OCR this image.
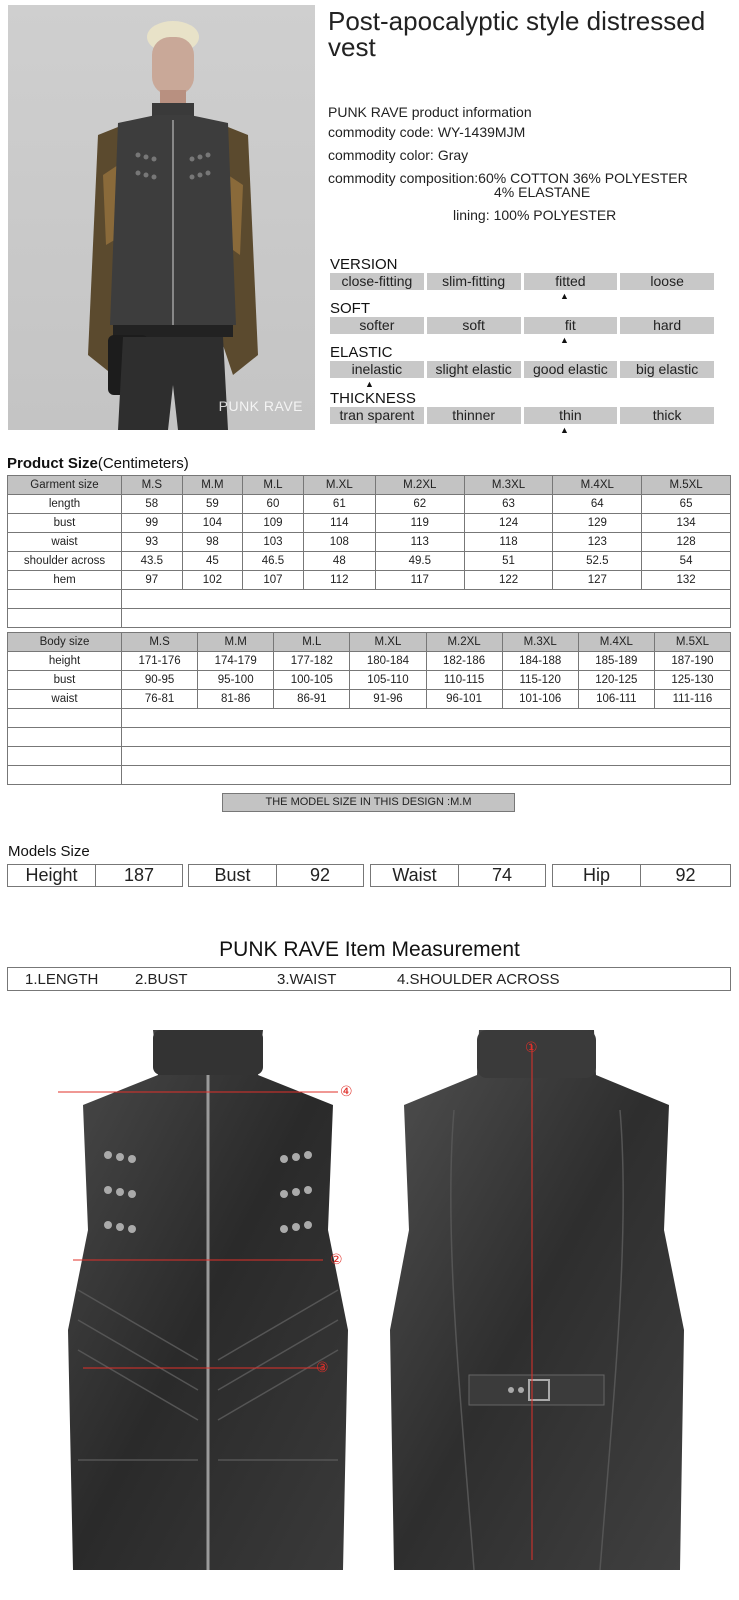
PUNK RAVE
Post-apocalyptic style distressed vest
PUNK RAVE product information
commodity code: WY-1439MJM
commodity color: Gray
commodity composition:60% COTTON 36% POLYESTER
4% ELASTANE
lining: 100% POLYESTER
VERSION
close-fitting	slim-fitting	fitted	loose
▲
SOFT
softer	soft	fit	hard
▲
ELASTIC
inelastic	slight elastic	good elastic	big elastic
▲
THICKNESS
tran sparent	thinner	thin	thick
▲
Product Size(Centimeters)
Garment size	M.S	M.M	M.L	M.XL	M.2XL	M.3XL	M.4XL	M.5XL
length	58	59	60	61	62	63	64	65
bust	99	104	109	114	119	124	129	134
waist	93	98	103	108	113	118	123	128
shoulder across	43.5	45	46.5	48	49.5	51	52.5	54
hem	97	102	107	112	117	122	127	132

Body size	M.S	M.M	M.L	M.XL	M.2XL	M.3XL	M.4XL	M.5XL
height	171-176	174-179	177-182	180-184	182-186	184-188	185-189	187-190
bust	90-95	95-100	100-105	105-110	110-115	115-120	120-125	125-130
waist	76-81	81-86	86-91	91-96	96-101	101-106	106-111	111-116

THE MODEL SIZE IN THIS DESIGN :M.M
Models Size
Height	187	Bust	92	Waist	74	Hip	92
PUNK RAVE Item Measurement
1.LENGTH 2.BUST	3.WAIST	4.SHOULDER ACROSS
④
②
③
①
